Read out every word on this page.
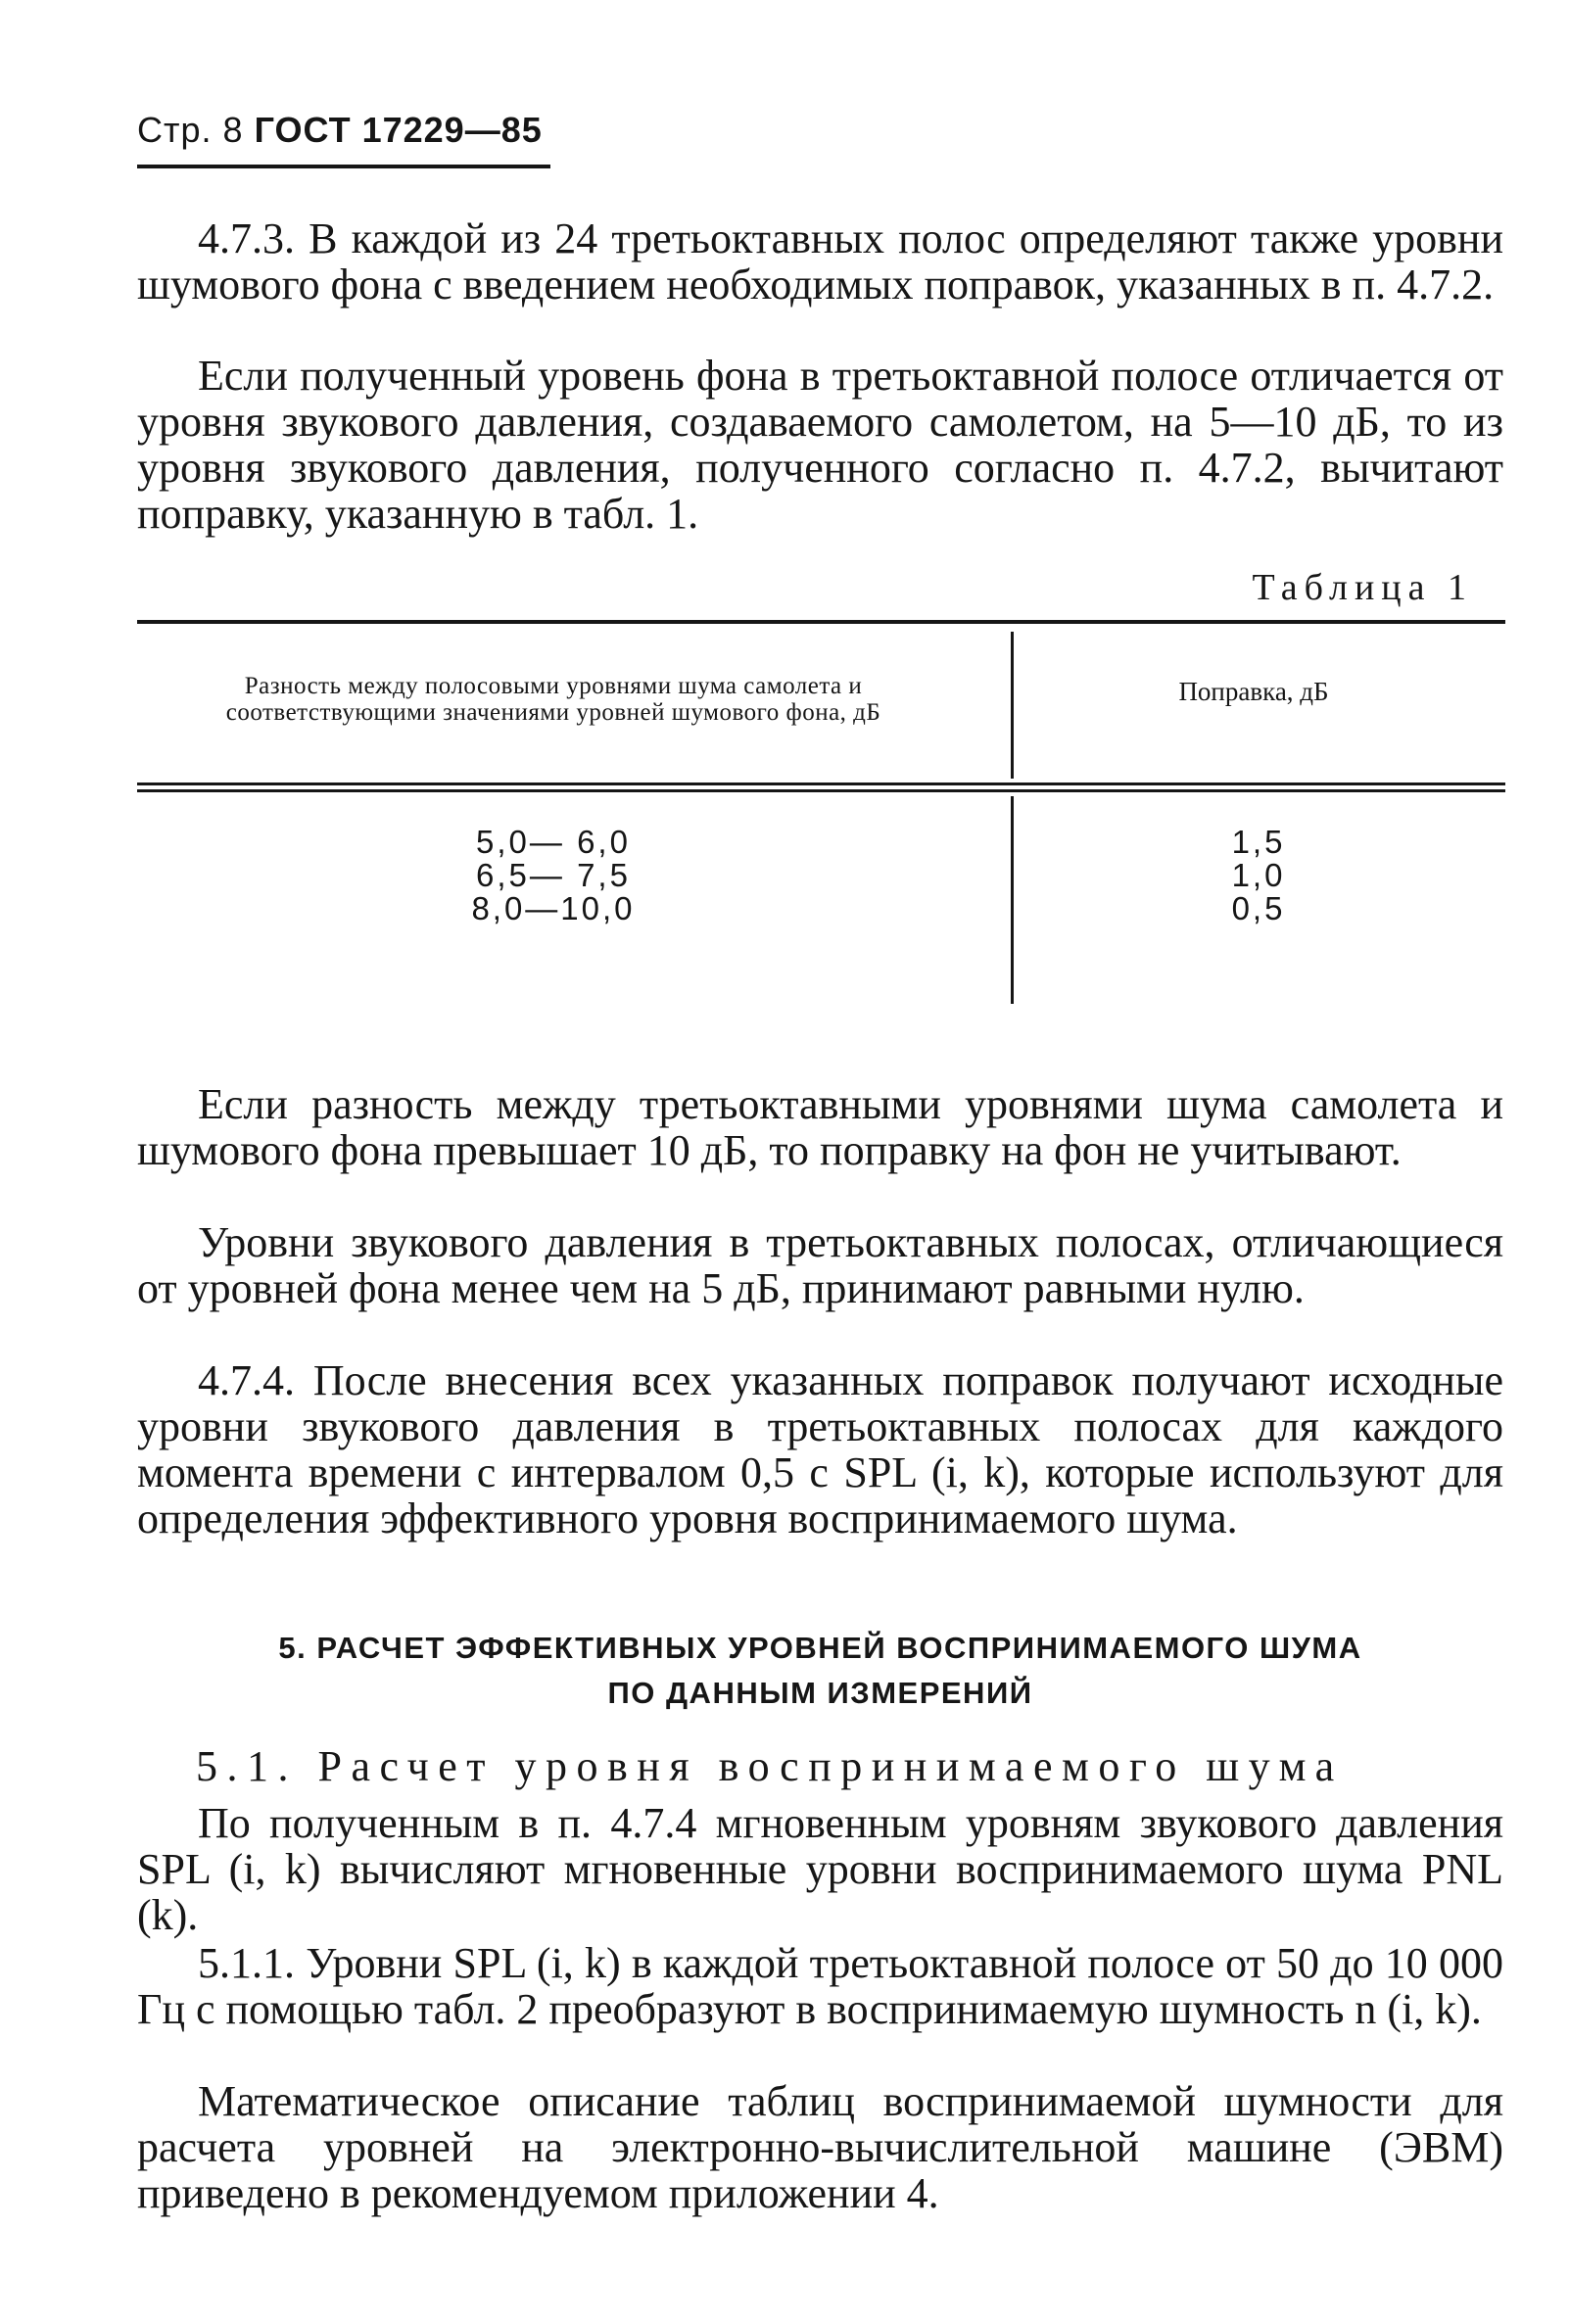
Стр. 8 ГОСТ 17229—85

4.7.3. В каждой из 24 третьоктавных полос определяют также уровни шумового фона с введением необходимых поправок, указанных в п. 4.7.2.

Если полученный уровень фона в третьоктавной полосе отличается от уровня звукового давления, создаваемого самолетом, на 5—10 дБ, то из уровня звукового давления, полученного согласно п. 4.7.2, вычитают поправку, указанную в табл. 1.

Таблица 1
Разность между полосовыми уровнями шума самолета и соответствующими значениями уровней шумового фона, дБ
Поправка, дБ
5,0— 6,0
6,5— 7,5
8,0—10,0
1,5
1,0
0,5

Если разность между третьоктавными уровнями шума самолета и шумового фона превышает 10 дБ, то поправку на фон не учитывают.

Уровни звукового давления в третьоктавных полосах, отличающиеся от уровней фона менее чем на 5 дБ, принимают равными нулю.

4.7.4. После внесения всех указанных поправок получают исходные уровни звукового давления в третьоктавных полосах для каждого момента времени с интервалом 0,5 с SPL (i, k), которые используют для определения эффективного уровня воспринимаемого шума.

5. РАСЧЕТ ЭФФЕКТИВНЫХ УРОВНЕЙ ВОСПРИНИМАЕМОГО ШУМА
ПО ДАННЫМ ИЗМЕРЕНИЙ

5.1. Расчет уровня воспринимаемого шума

По полученным в п. 4.7.4 мгновенным уровням звукового давления SPL (i, k) вычисляют мгновенные уровни воспринимаемого шума PNL (k).

5.1.1. Уровни SPL (i, k) в каждой третьоктавной полосе от 50 до 10 000 Гц с помощью табл. 2 преобразуют в воспринимаемую шумность n (i, k).

Математическое описание таблиц воспринимаемой шумности для расчета уровней на электронно-вычислительной машине (ЭВМ) приведено в рекомендуемом приложении 4.
